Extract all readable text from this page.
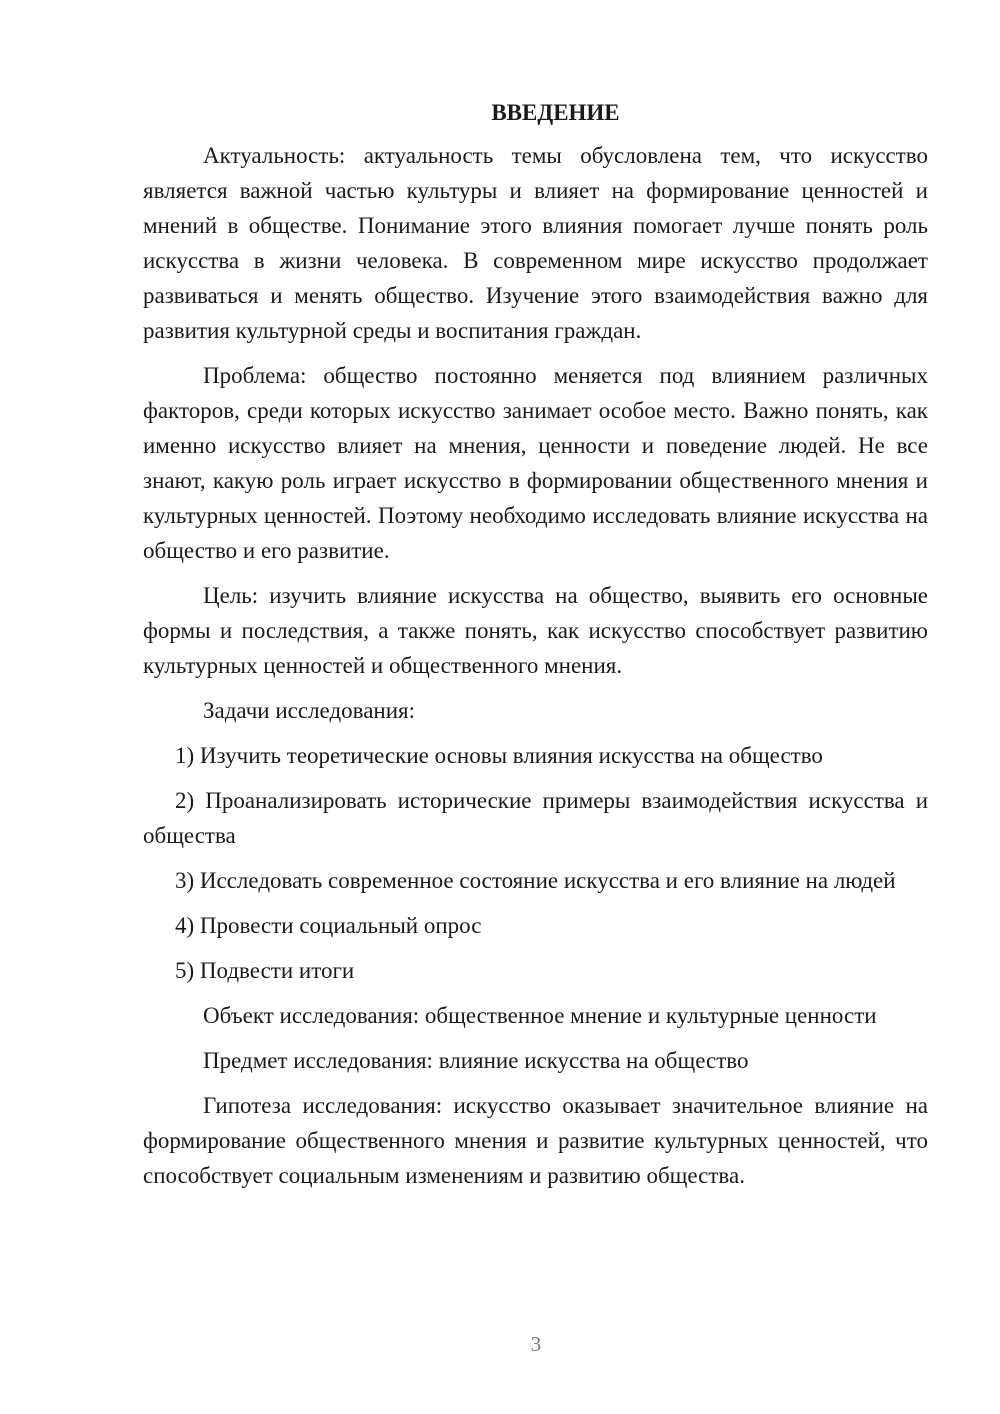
ВВЕДЕНИЕ

Актуальность: актуальность темы обусловлена тем, что искусство является важной частью культуры и влияет на формирование ценностей и мнений в обществе. Понимание этого влияния помогает лучше понять роль искусства в жизни человека. В современном мире искусство продолжает развиваться и менять общество. Изучение этого взаимодействия важно для развития культурной среды и воспитания граждан.

Проблема: общество постоянно меняется под влиянием различных факторов, среди которых искусство занимает особое место. Важно понять, как именно искусство влияет на мнения, ценности и поведение людей. Не все знают, какую роль играет искусство в формировании общественного мнения и культурных ценностей. Поэтому необходимо исследовать влияние искусства на общество и его развитие.

Цель: изучить влияние искусства на общество, выявить его основные формы и последствия, а также понять, как искусство способствует развитию культурных ценностей и общественного мнения.

Задачи исследования:

1) Изучить теоретические основы влияния искусства на общество

2) Проанализировать исторические примеры взаимодействия искусства и общества

3) Исследовать современное состояние искусства и его влияние на людей

4) Провести социальный опрос

5) Подвести итоги

Объект исследования: общественное мнение и культурные ценности

Предмет исследования: влияние искусства на общество

Гипотеза исследования: искусство оказывает значительное влияние на формирование общественного мнения и развитие культурных ценностей, что способствует социальным изменениям и развитию общества.

3
